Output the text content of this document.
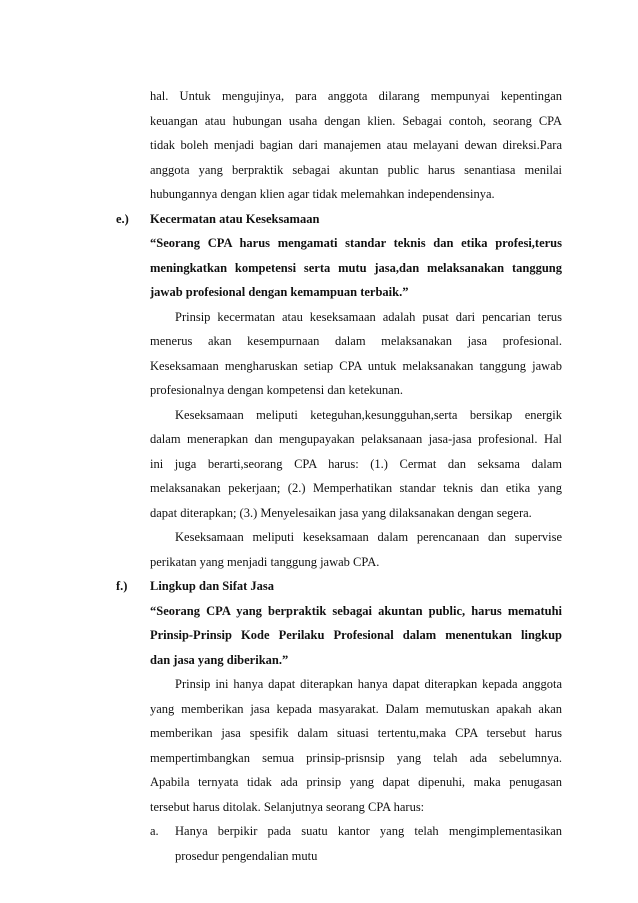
hal. Untuk mengujinya, para anggota dilarang mempunyai kepentingan
keuangan atau hubungan usaha dengan klien. Sebagai contoh, seorang CPA
tidak boleh menjadi bagian dari manajemen atau melayani dewan direksi.Para
anggota yang berpraktik sebagai akuntan public harus senantiasa menilai
hubungannya dengan klien agar tidak melemahkan independensinya.
e.) Kecermatan atau Keseksamaan
“Seorang CPA harus mengamati standar teknis dan etika profesi,terus
meningkatkan kompetensi serta mutu jasa,dan melaksanakan tanggung
jawab profesional dengan kemampuan terbaik.”
Prinsip kecermatan atau keseksamaan adalah pusat dari pencarian terus
menerus akan kesempurnaan dalam melaksanakan jasa profesional.
Keseksamaan mengharuskan setiap CPA untuk melaksanakan tanggung jawab
profesionalnya dengan kompetensi dan ketekunan.
Keseksamaan meliputi keteguhan,kesungguhan,serta bersikap energik
dalam menerapkan dan mengupayakan pelaksanaan jasa-jasa profesional. Hal
ini juga berarti,seorang CPA harus: (1.) Cermat dan seksama dalam
melaksanakan pekerjaan; (2.) Memperhatikan standar teknis dan etika yang
dapat diterapkan; (3.) Menyelesaikan jasa yang dilaksanakan dengan segera.
Keseksamaan meliputi keseksamaan dalam perencanaan dan supervise
perikatan yang menjadi tanggung jawab CPA.
f.) Lingkup dan Sifat Jasa
“Seorang CPA yang berpraktik sebagai akuntan public, harus mematuhi
Prinsip-Prinsip Kode Perilaku Profesional dalam menentukan lingkup
dan jasa yang diberikan.”
Prinsip ini hanya dapat diterapkan hanya dapat diterapkan kepada anggota
yang memberikan jasa kepada masyarakat. Dalam memutuskan apakah akan
memberikan jasa spesifik dalam situasi tertentu,maka CPA tersebut harus
mempertimbangkan semua prinsip-prisnsip yang telah ada sebelumnya.
Apabila ternyata tidak ada prinsip yang dapat dipenuhi, maka penugasan
tersebut harus ditolak. Selanjutnya seorang CPA harus:
a. Hanya berpikir pada suatu kantor yang telah mengimplementasikan
prosedur pengendalian mutu
